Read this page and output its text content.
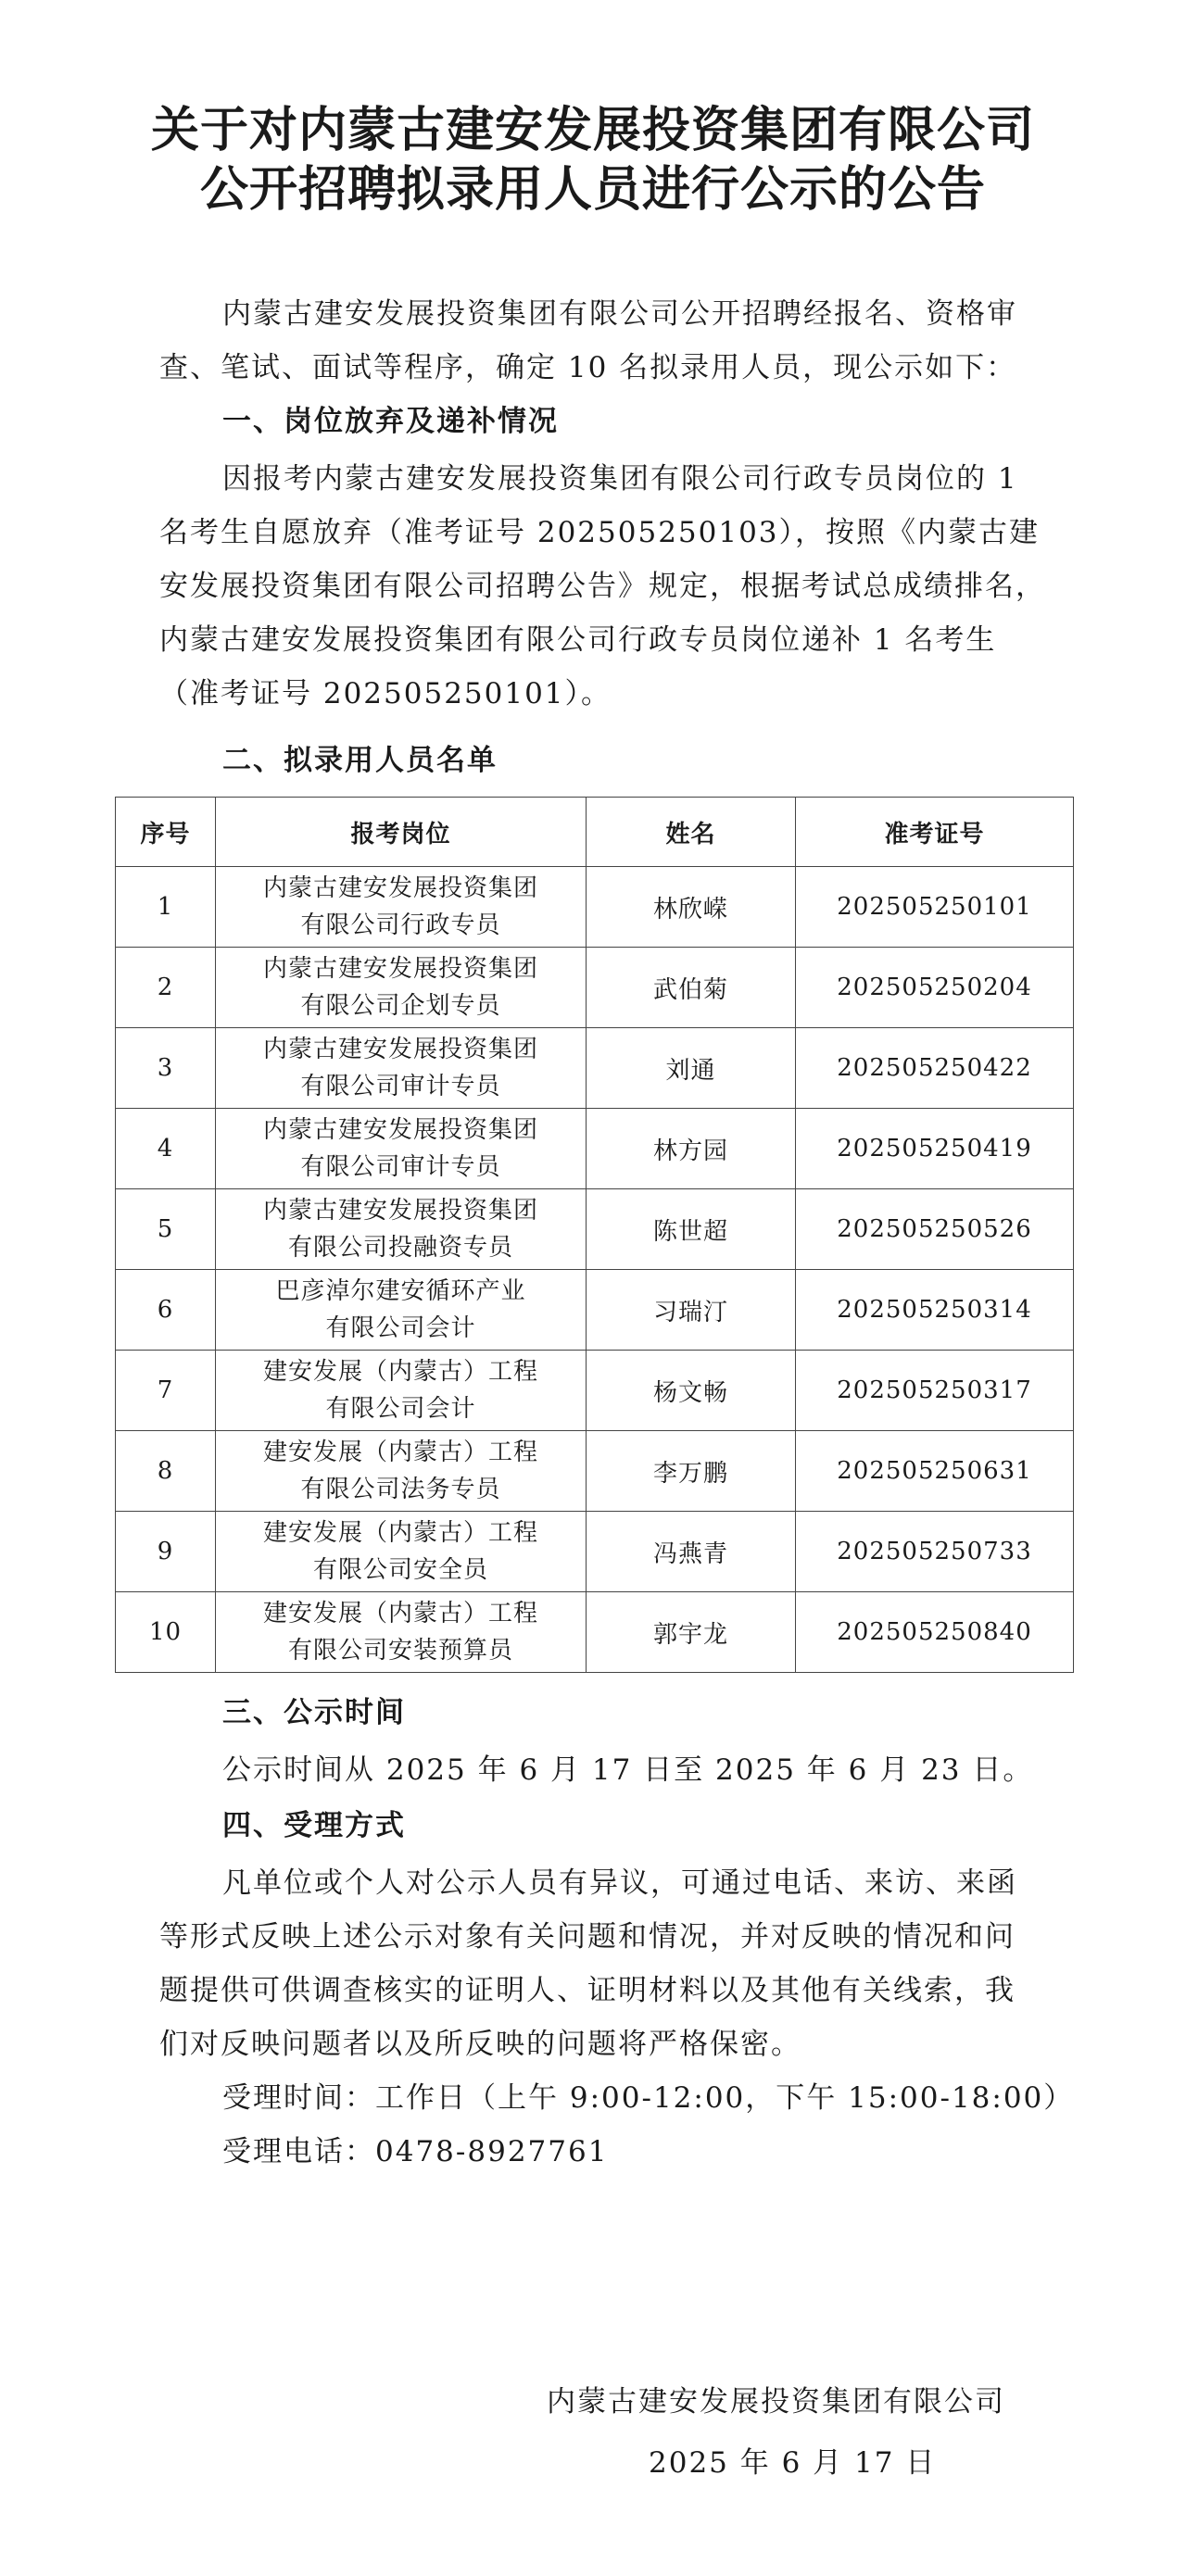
关于对内蒙古建安发展投资集团有限公司
公开招聘拟录用人员进行公示的公告
内蒙古建安发展投资集团有限公司公开招聘经报名、资格审
查、笔试、面试等程序，确定 10 名拟录用人员，现公示如下：
一、岗位放弃及递补情况
因报考内蒙古建安发展投资集团有限公司行政专员岗位的 1
名考生自愿放弃（准考证号 202505250103），按照《内蒙古建
安发展投资集团有限公司招聘公告》规定，根据考试总成绩排名，
内蒙古建安发展投资集团有限公司行政专员岗位递补 1 名考生
（准考证号 202505250101）。
二、拟录用人员名单
序号	报考岗位	姓名	准考证号
1	内蒙古建安发展投资集团
有限公司行政专员	林欣嵘	202505250101
2	内蒙古建安发展投资集团
有限公司企划专员	武伯菊	202505250204
3	内蒙古建安发展投资集团
有限公司审计专员	刘通	202505250422
4	内蒙古建安发展投资集团
有限公司审计专员	林方园	202505250419
5	内蒙古建安发展投资集团
有限公司投融资专员	陈世超	202505250526
6	巴彦淖尔建安循环产业
有限公司会计	习瑞汀	202505250314
7	建安发展（内蒙古）工程
有限公司会计	杨文畅	202505250317
8	建安发展（内蒙古）工程
有限公司法务专员	李万鹏	202505250631
9	建安发展（内蒙古）工程
有限公司安全员	冯燕青	202505250733
10	建安发展（内蒙古）工程
有限公司安装预算员	郭宇龙	202505250840
三、公示时间
公示时间从 2025 年 6 月 17 日至 2025 年 6 月 23 日。
四、受理方式
凡单位或个人对公示人员有异议，可通过电话、来访、来函
等形式反映上述公示对象有关问题和情况，并对反映的情况和问
题提供可供调查核实的证明人、证明材料以及其他有关线索，我
们对反映问题者以及所反映的问题将严格保密。
受理时间：工作日（上午 9:00-12:00，下午 15:00-18:00）
受理电话：0478-8927761
内蒙古建安发展投资集团有限公司
2025 年 6 月 17 日
